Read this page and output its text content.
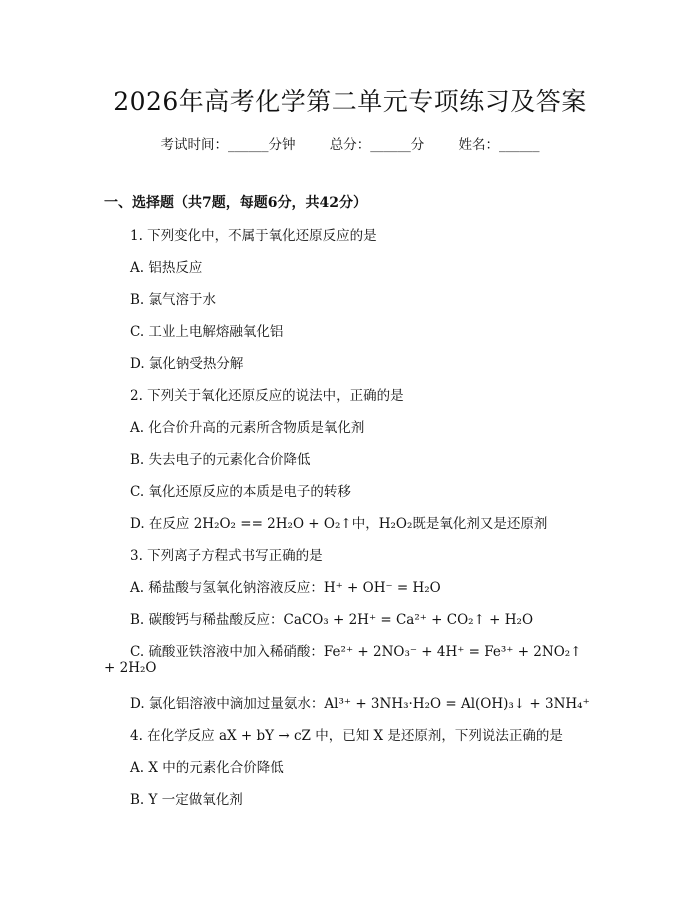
2026年高考化学第二单元专项练习及答案
考试时间：______分钟	总分：______分	姓名：______
一、选择题（共7题，每题6分，共42分）
1. 下列变化中，不属于氧化还原反应的是
A. 铝热反应
B. 氯气溶于水
C. 工业上电解熔融氧化铝
D. 氯化钠受热分解
2. 下列关于氧化还原反应的说法中，正确的是
A. 化合价升高的元素所含物质是氧化剂
B. 失去电子的元素化合价降低
C. 氧化还原反应的本质是电子的转移
D. 在反应 2H₂O₂ == 2H₂O + O₂↑中，H₂O₂既是氧化剂又是还原剂
3. 下列离子方程式书写正确的是
A. 稀盐酸与氢氧化钠溶液反应：H⁺ + OH⁻ = H₂O
B. 碳酸钙与稀盐酸反应：CaCO₃ + 2H⁺ = Ca²⁺ + CO₂↑ + H₂O
C. 硫酸亚铁溶液中加入稀硝酸：Fe²⁺ + 2NO₃⁻ + 4H⁺ = Fe³⁺ + 2NO₂↑
+ 2H₂O
D. 氯化铝溶液中滴加过量氨水：Al³⁺ + 3NH₃·H₂O = Al(OH)₃↓ + 3NH₄⁺
4. 在化学反应 aX + bY → cZ 中，已知 X 是还原剂，下列说法正确的是
A. X 中的元素化合价降低
B. Y 一定做氧化剂
